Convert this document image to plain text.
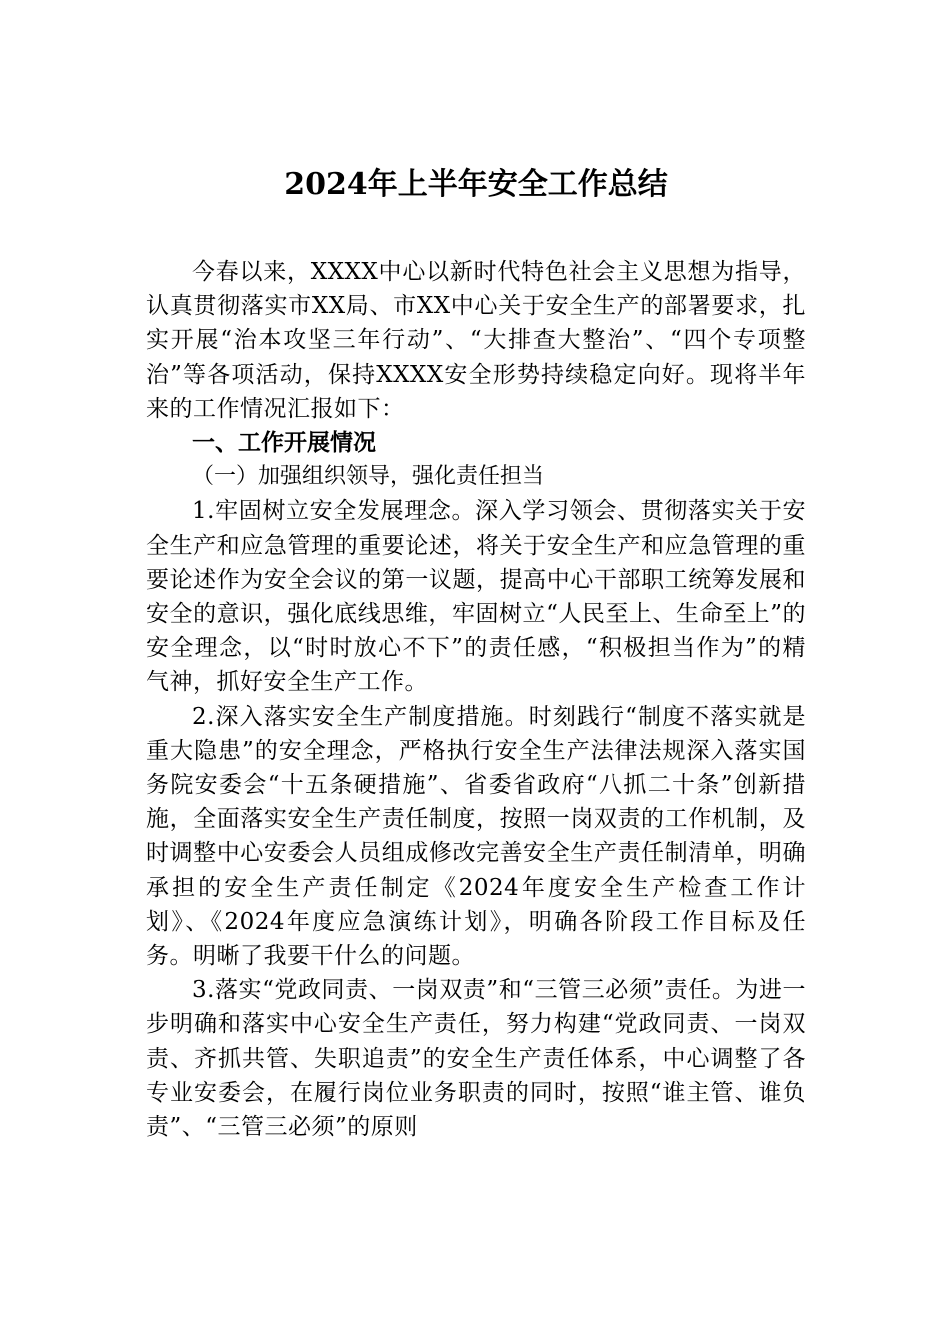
2024年上半年安全工作总结

今春以来，XXXX中心以新时代特色社会主义思想为指导，认真贯彻落实市XX局、市XX中心关于安全生产的部署要求，扎实开展“治本攻坚三年行动”、“大排查大整治”、“四个专项整治”等各项活动，保持XXXX安全形势持续稳定向好。现将半年来的工作情况汇报如下：

一、工作开展情况

（一）加强组织领导，强化责任担当

1.牢固树立安全发展理念。深入学习领会、贯彻落实关于安全生产和应急管理的重要论述，将关于安全生产和应急管理的重要论述作为安全会议的第一议题，提高中心干部职工统筹发展和安全的意识，强化底线思维，牢固树立“人民至上、生命至上”的安全理念，以“时时放心不下”的责任感，“积极担当作为”的精气神，抓好安全生产工作。

2.深入落实安全生产制度措施。时刻践行“制度不落实就是重大隐患”的安全理念，严格执行安全生产法律法规深入落实国务院安委会“十五条硬措施”、省委省政府“八抓二十条”创新措施，全面落实安全生产责任制度，按照一岗双责的工作机制，及时调整中心安委会人员组成修改完善安全生产责任制清单，明确承担的安全生产责任制定《2024年度安全生产检查工作计划》、《2024年度应急演练计划》，明确各阶段工作目标及任务。明晰了我要干什么的问题。

3.落实“党政同责、一岗双责”和“三管三必须”责任。为进一步明确和落实中心安全生产责任，努力构建“党政同责、一岗双责、齐抓共管、失职追责”的安全生产责任体系，中心调整了各专业安委会，在履行岗位业务职责的同时，按照“谁主管、谁负责”、“三管三必须”的原则
